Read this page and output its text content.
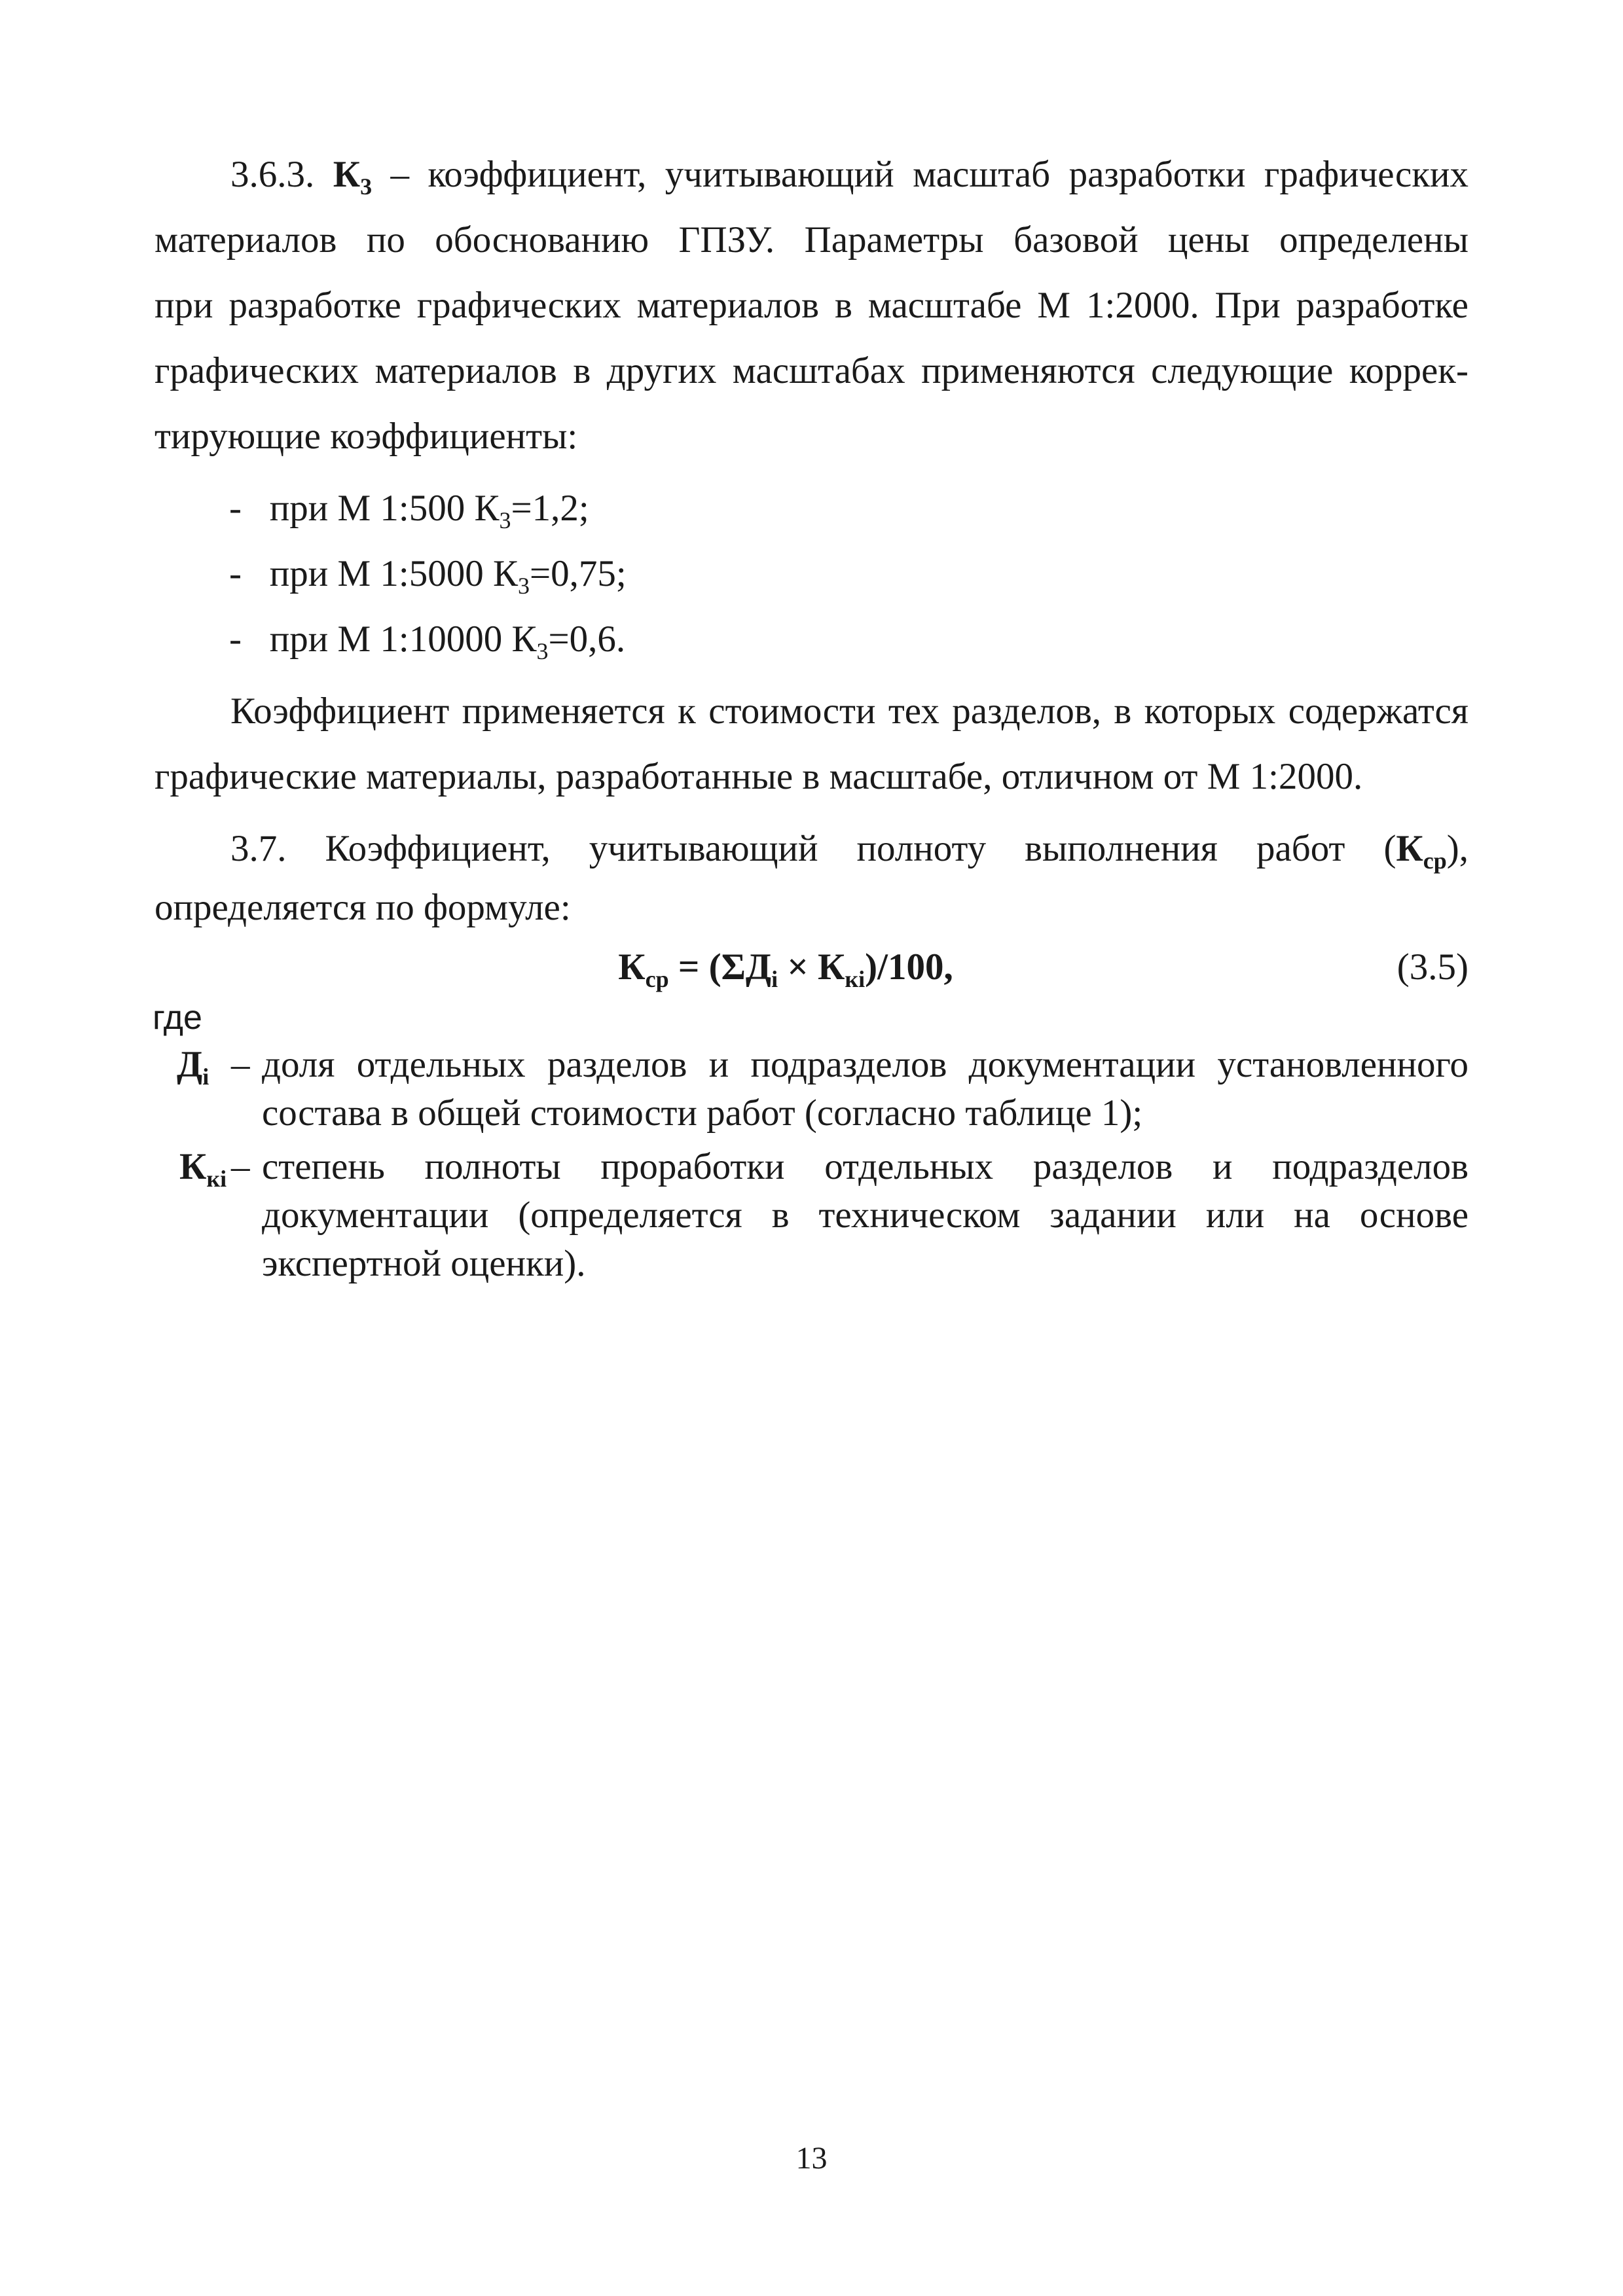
3.6.3. $К_3$ – коэффициент, учитывающий масштаб разработки графических
материалов по обоснованию ГПЗУ. Параметры базовой цены определены
при разработке графических материалов в масштабе М 1:2000. При разработке
графических материалов в других масштабах применяются следующие коррек-
тирующие коэффициенты:
- при М 1:500 $К_3=1,2$;
- при М 1:5000 $К_3=0,75$;
- при М 1:10000 $К_3=0,6$.
Коэффициент применяется к стоимости тех разделов, в которых содержатся
графические материалы, разработанные в масштабе, отличном от М 1:2000.
3.7. Коэффициент, учитывающий полноту выполнения работ $(К_{ср})$,
определяется по формуле:
$К_{ср} = (\Sigma Д_i \times К_{кi})/100$,	(3.5)
где
$Д_i$ – доля отдельных разделов и подразделов документации установленного
состава в общей стоимости работ (согласно таблице 1);
$К_{кi}$ – степень полноты проработки отдельных разделов и подразделов
документации (определяется в техническом задании или на основе
экспертной оценки).
13
